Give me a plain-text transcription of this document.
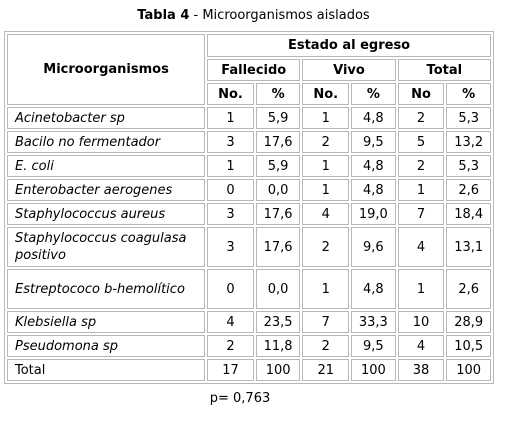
Tabla 4 - Microorganismos aislados
Microorganismos	Estado al egreso					
	Fallecido		Vivo		Total	
	No.	%	No.	%	No	%
Acinetobacter sp	1	5,9	1	4,8	2	5,3
Bacilo no fermentador	3	17,6	2	9,5	5	13,2
E. coli	1	5,9	1	4,8	2	5,3
Enterobacter aerogenes	0	0,0	1	4,8	1	2,6
Staphylococcus aureus	3	17,6	4	19,0	7	18,4
Staphylococcus coagulasa positivo	3	17,6	2	9,6	4	13,1
Estreptococo b-hemolítico	0	0,0	1	4,8	1	2,6
Klebsiella sp	4	23,5	7	33,3	10	28,9
Pseudomona sp	2	11,8	2	9,5	4	10,5
Total	17	100	21	100	38	100
p= 0,763
